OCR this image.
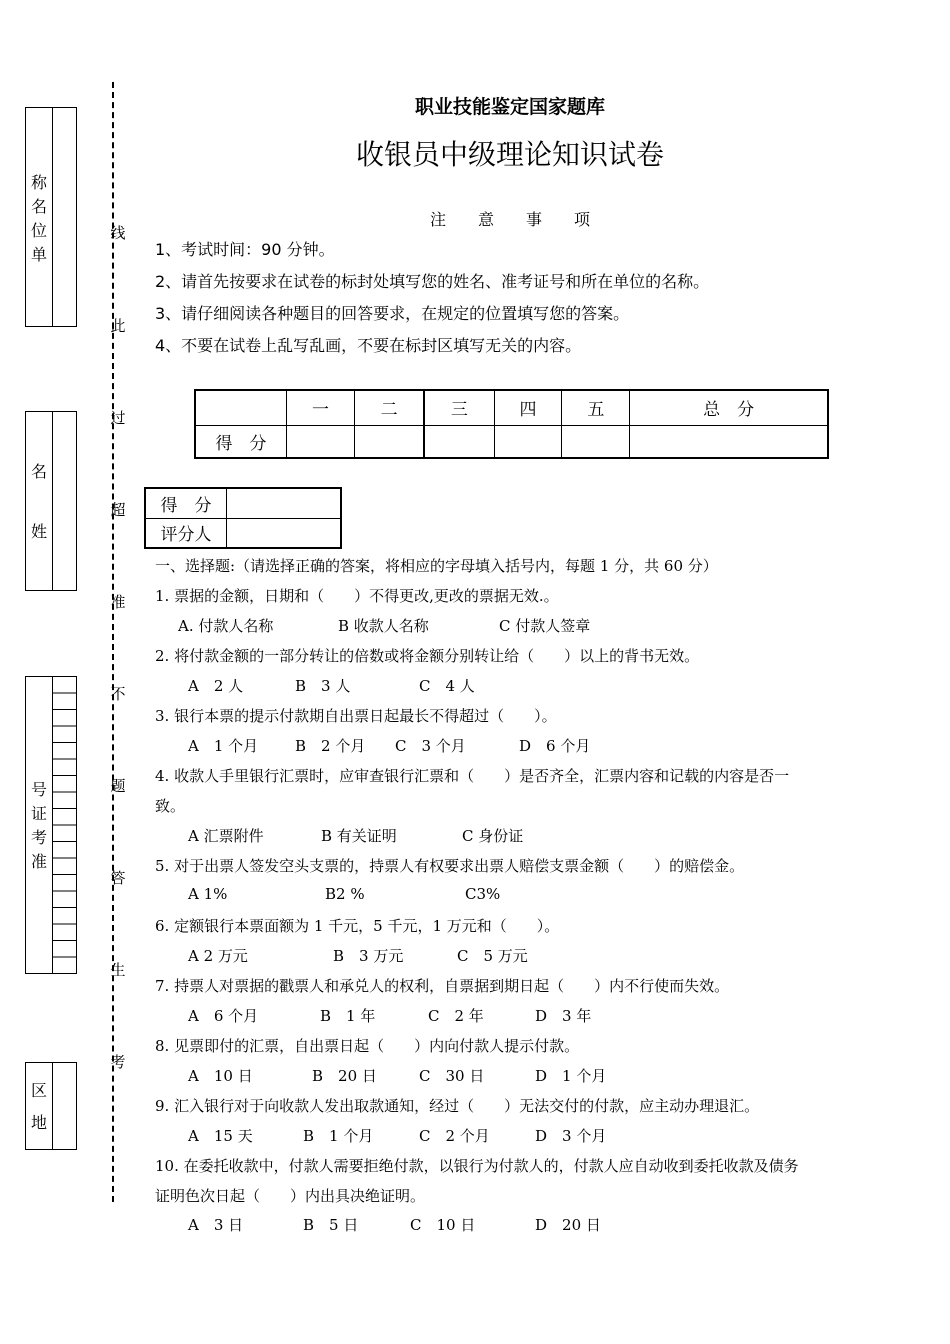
称
名
位
单
名
姓
号
证
考
准
区
地
线
此
过
超
准
不
题
答
生
考
职业技能鉴定国家题库
收银员中级理论知识试卷
注　　意　　事　　项
1、考试时间：90 分钟。
2、请首先按要求在试卷的标封处填写您的姓名、准考证号和所在单位的名称。
3、请仔细阅读各种题目的回答要求，在规定的位置填写您的答案。
4、不要在试卷上乱写乱画，不要在标封区填写无关的内容。
	一	二	三	四	五	总　分
得　分						
得　分	
评分人	
一、选择题:（请选择正确的答案，将相应的字母填入括号内，每题 1 分，共 60 分）
1. 票据的金额，日期和（　　）不得更改,更改的票据无效.。
A. 付款人名称	B 收款人名称	C 付款人签章
2. 将付款金额的一部分转让的倍数或将金额分别转让给（　　）以上的背书无效。
A　2 人	B　3 人	C　4 人
3. 银行本票的提示付款期自出票日起最长不得超过（　　）。
A　1 个月 B　2 个月 C　3 个月	D　6 个月
4. 收款人手里银行汇票时，应审查银行汇票和（　　）是否齐全，汇票内容和记载的内容是否一
致。
A 汇票附件	B 有关证明	C 身份证
5. 对于出票人签发空头支票的，持票人有权要求出票人赔偿支票金额（　　）的赔偿金。
A 1%	B2 %	C3%
6. 定额银行本票面额为 1 千元，5 千元，1 万元和（　　）。
A 2 万元	B　3 万元	C　5 万元
7. 持票人对票据的戳票人和承兑人的权利，自票据到期日起（　　）内不行使而失效。
A　6 个月	B　1 年	C　2 年	D　3 年
8. 见票即付的汇票，自出票日起（　　）内向付款人提示付款。
A　10 日	B　20 日	C　30 日	D　1 个月
9. 汇入银行对于向收款人发出取款通知，经过（　　）无法交付的付款，应主动办理退汇。
A　15 天	B　1 个月	C　2 个月	D　3 个月
10. 在委托收款中，付款人需要拒绝付款，以银行为付款人的，付款人应自动收到委托收款及债务
证明色次日起（　　）内出具决绝证明。
A　3 日	B　5 日	C　10 日	D　20 日
